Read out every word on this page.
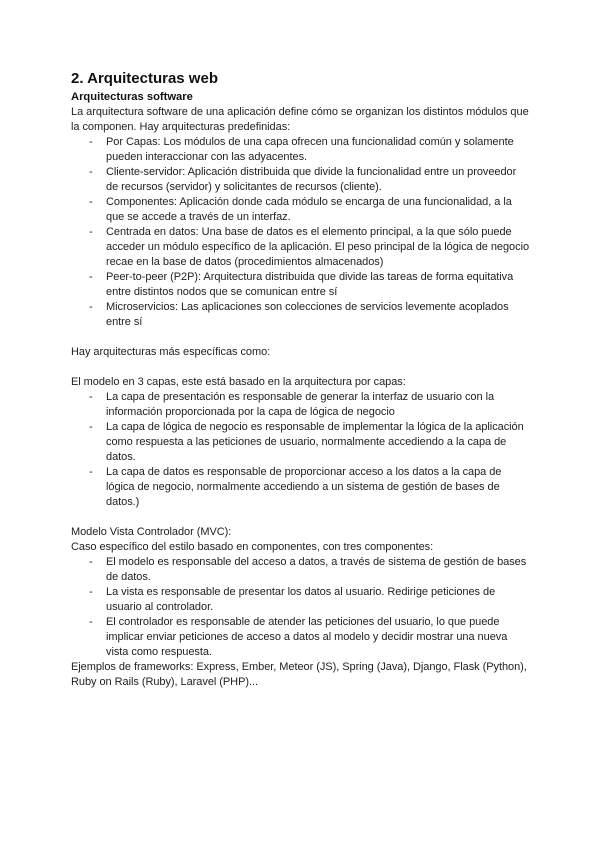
2. Arquitecturas web
Arquitecturas software

La arquitectura software de una aplicación define cómo se organizan los distintos módulos que la componen. Hay arquitecturas predefinidas:

- Por Capas: Los módulos de una capa ofrecen una funcionalidad común y solamente pueden interaccionar con las adyacentes.
- Cliente-servidor: Aplicación distribuida que divide la funcionalidad entre un proveedor de recursos (servidor) y solicitantes de recursos (cliente).
- Componentes: Aplicación donde cada módulo se encarga de una funcionalidad, a la que se accede a través de un interfaz.
- Centrada en datos: Una base de datos es el elemento principal, a la que sólo puede acceder un módulo específico de la aplicación. El peso principal de la lógica de negocio recae en la base de datos (procedimientos almacenados)
- Peer-to-peer (P2P): Arquitectura distribuida que divide las tareas de forma equitativa entre distintos nodos que se comunican entre sí
- Microservicios: Las aplicaciones son colecciones de servicios levemente acoplados entre sí

Hay arquitecturas más específicas como:

El modelo en 3 capas, este está basado en la arquitectura por capas:

- La capa de presentación es responsable de generar la interfaz de usuario con la información proporcionada por la capa de lógica de negocio
- La capa de lógica de negocio es responsable de implementar la lógica de la aplicación como respuesta a las peticiones de usuario, normalmente accediendo a la capa de datos.
- La capa de datos es responsable de proporcionar acceso a los datos a la capa de lógica de negocio, normalmente accediendo a un sistema de gestión de bases de datos.)

Modelo Vista Controlador (MVC):

Caso específico del estilo basado en componentes, con tres componentes:

- El modelo es responsable del acceso a datos, a través de sistema de gestión de bases de datos.
- La vista es responsable de presentar los datos al usuario. Redirige peticiones de usuario al controlador.
- El controlador es responsable de atender las peticiones del usuario, lo que puede implicar enviar peticiones de acceso a datos al modelo y decidir mostrar una nueva vista como respuesta.

Ejemplos de frameworks: Express, Ember, Meteor (JS), Spring (Java), Django, Flask (Python), Ruby on Rails (Ruby), Laravel (PHP)...
